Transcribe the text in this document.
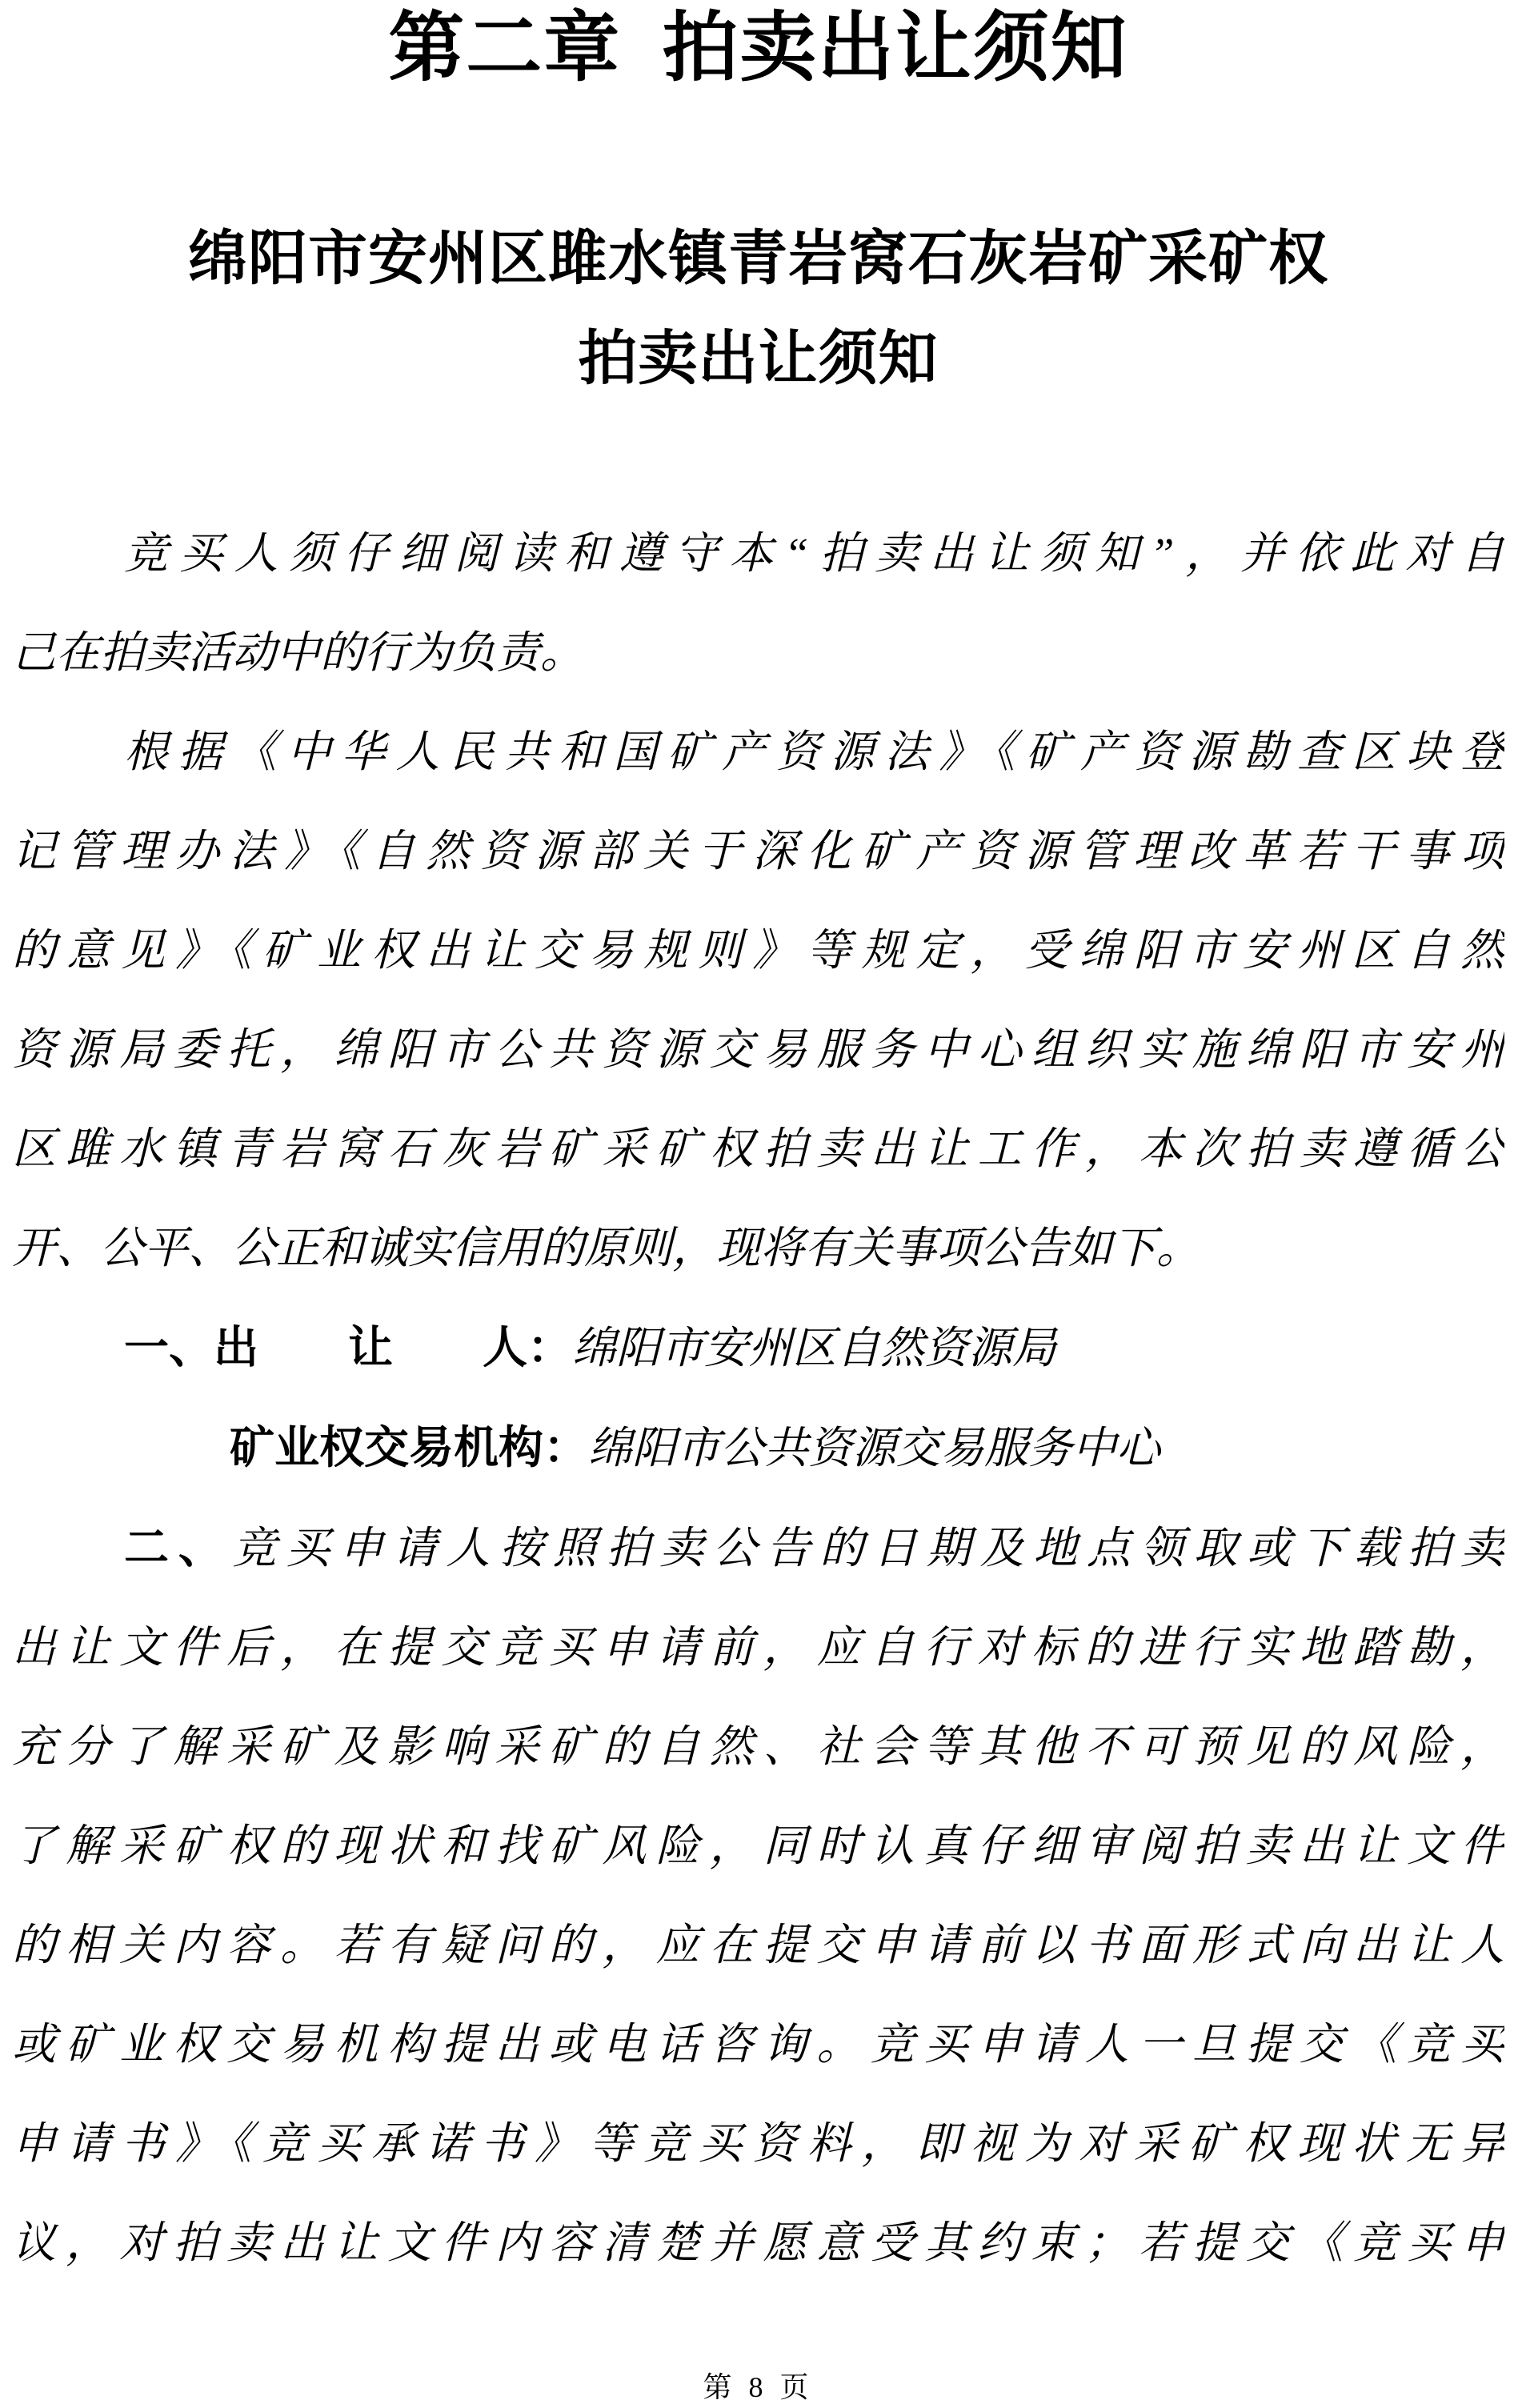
第二章  拍卖出让须知
绵阳市安州区雎水镇青岩窝石灰岩矿采矿权
拍卖出让须知
竞买人须仔细阅读和遵守本“拍卖出让须知”，并依此对自
己在拍卖活动中的行为负责。
根据《中华人民共和国矿产资源法》《矿产资源勘查区块登
记管理办法》《自然资源部关于深化矿产资源管理改革若干事项
的意见》《矿业权出让交易规则》等规定，受绵阳市安州区自然
资源局委托，绵阳市公共资源交易服务中心组织实施绵阳市安州
区雎水镇青岩窝石灰岩矿采矿权拍卖出让工作，本次拍卖遵循公
开、公平、公正和诚实信用的原则，现将有关事项公告如下。
一、出　　让　　人：绵阳市安州区自然资源局
矿业权交易机构：绵阳市公共资源交易服务中心
二、竞买申请人按照拍卖公告的日期及地点领取或下载拍卖
出让文件后，在提交竞买申请前，应自行对标的进行实地踏勘，
充分了解采矿及影响采矿的自然、社会等其他不可预见的风险，
了解采矿权的现状和找矿风险，同时认真仔细审阅拍卖出让文件
的相关内容。若有疑问的，应在提交申请前以书面形式向出让人
或矿业权交易机构提出或电话咨询。竞买申请人一旦提交《竞买
申请书》《竞买承诺书》等竞买资料，即视为对采矿权现状无异
议，对拍卖出让文件内容清楚并愿意受其约束；若提交《竞买申
第 8 页
